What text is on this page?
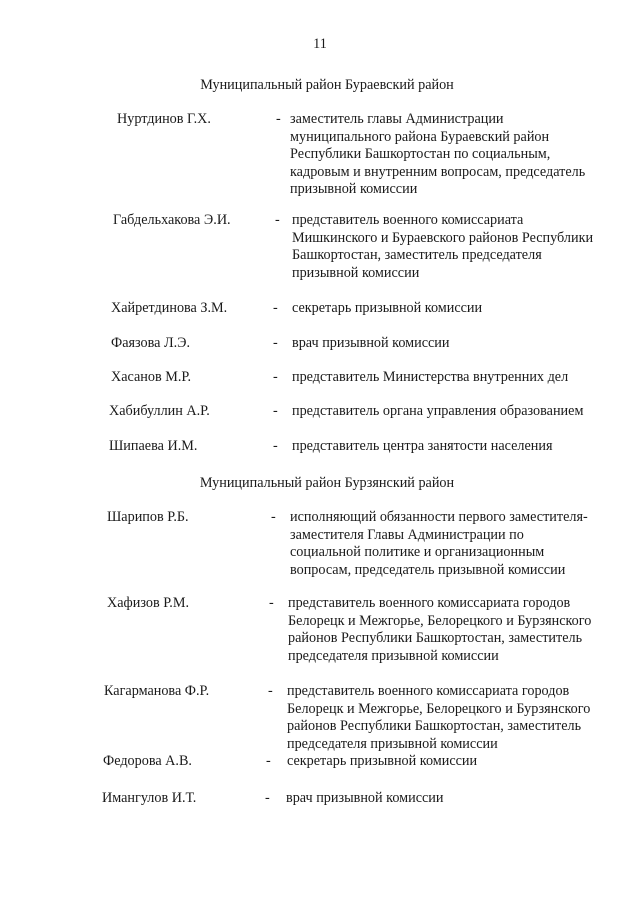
11
Муниципальный район Бураевский район
Нуртдинов Г.Х.	- заместитель главы Администрации
муниципального района Бураевский район
Республики Башкортостан по социальным,
кадровым и внутренним вопросам, председатель
призывной комиссии
Габдельхакова Э.И.	- представитель военного комиссариата
Мишкинского и Бураевского районов Республики
Башкортостан, заместитель председателя
призывной комиссии
Хайретдинова З.М.	- секретарь призывной комиссии
Фаязова Л.Э.	- врач призывной комиссии
Хасанов М.Р.	- представитель Министерства внутренних дел
Хабибуллин А.Р.	- представитель органа управления образованием
Шипаева И.М.	- представитель центра занятости населения
Муниципальный район Бурзянский район
Шарипов Р.Б.	- исполняющий обязанности первого заместителя-
заместителя Главы Администрации по
социальной политике и организационным
вопросам, председатель призывной комиссии
Хафизов Р.М.	- представитель военного комиссариата городов
Белорецк и Межгорье, Белорецкого и Бурзянского
районов Республики Башкортостан, заместитель
председателя призывной комиссии
Кагарманова Ф.Р.	- представитель военного комиссариата городов
Белорецк и Межгорье, Белорецкого и Бурзянского
районов Республики Башкортостан, заместитель
председателя призывной комиссии
Федорова А.В.	- секретарь призывной комиссии
Имангулов И.Т.	- врач призывной комиссии
